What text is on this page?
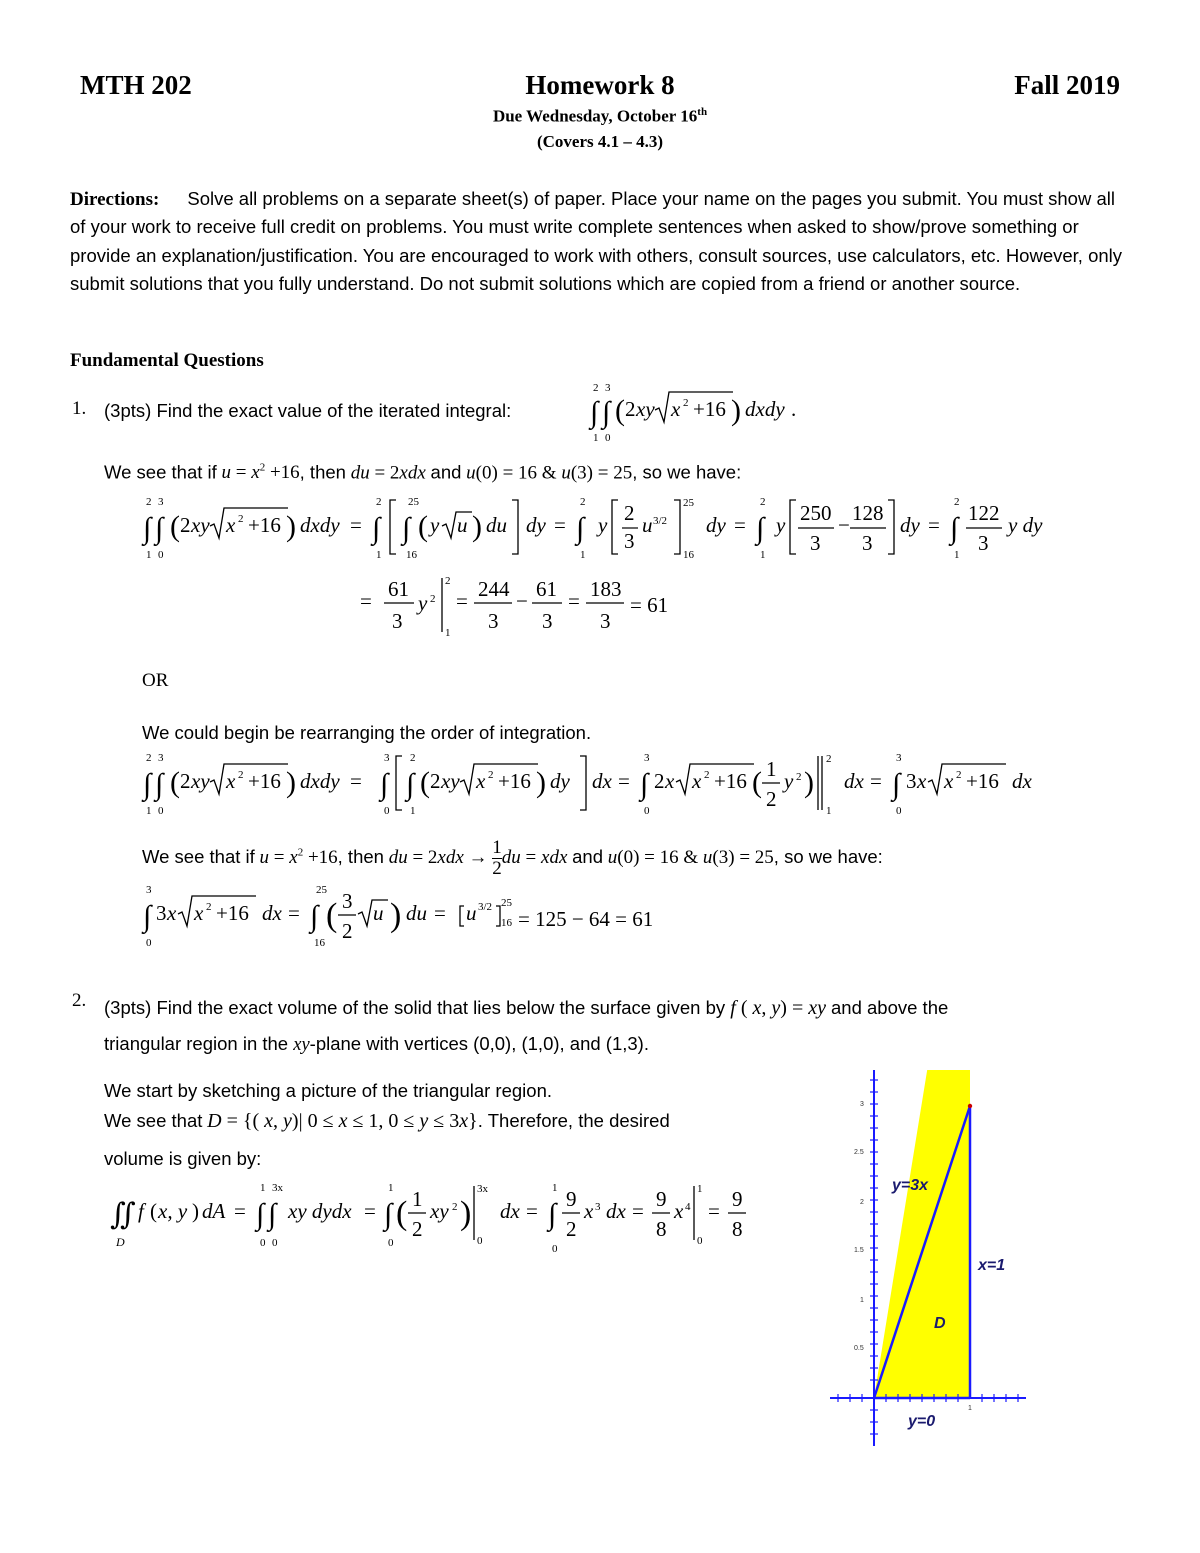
Homework 8
MTH 202	Fall 2019
Due Wednesday, October 16th
(Covers 4.1 – 4.3)
Directions: Solve all problems on a separate sheet(s) of paper. Place your name on the pages you submit. You must show all of your work to receive full credit on problems. You must write complete sentences when asked to show/prove something or provide an explanation/justification. You are encouraged to work with others, consult sources, use calculators, etc. However, only submit solutions that you fully understand. Do not submit solutions which are copied from a friend or another source.
Fundamental Questions
1. (3pts) Find the exact value of the iterated integral:
2 3
∫ ∫
1 0
( 2 xy x 2 +16 ) dxdy .
We see that if $u = x^2 +16$, then du = 2xdx and u(0) = 16 & u(3) = 25, so we have:
2 3
∫ ∫
1 0
( 2 xy x 2 +16 ) dxdy =
2
∫
1
25
∫
16
( y u ) du dy =
2
∫
1
y 2
3
u 3/2
25
16
dy =
2
∫
1
y 250
3
− 128
3
dy =
2
∫
1
122
3
y dy
= 61
3
y 2
2
1
= 244
3
− 61
3
= 183
3
= 61
OR
We could begin be rearranging the order of integration.
2 3
∫ ∫
1 0
( 2 xy x 2 +16 ) dxdy =
3
∫
0
2
∫
1
( 2 xy x 2 +16 ) dy dx =
3
∫
0
2 x x 2 +16 ( 1
2
y 2 )
2
1
dx =
3
∫
0
3 x x 2 +16 dx
We see that if $u = x^2 +16$, then du = $2xdx \to \frac{1}{2}$ du = xdx and u(0) = 16 & u(3) = 25, so we have:
3
∫
0
3 x x 2 +16 dx =
25
∫
16
( 3
2
u ) du = u 3/2 25
16 = 125 − 64 = 61
2. (3pts) Find the exact volume of the solid that lies below the surface given by f ( x, y) = xy and above the
triangular region in the xy-plane with vertices (0,0), (1,0), and (1,3).
We start by sketching a picture of the triangular region.
We see that D = {( x, y)| 0 ≤ x ≤ 1, 0 ≤ y ≤ 3x}. Therefore, the desired
volume is given by:
∬
D
f ( x, y ) dA =
1 3x
∫ ∫
0 0
xy dydx =
1
∫
0
( 1
2
xy 2 )
3x
0
dx =
1
∫
0
9
2
x 3 dx = 9
8
x 4
1
0
= 9
8
3
2.5
2
1.5
1
0.5
1
y=3x
x=1
D
y=0
